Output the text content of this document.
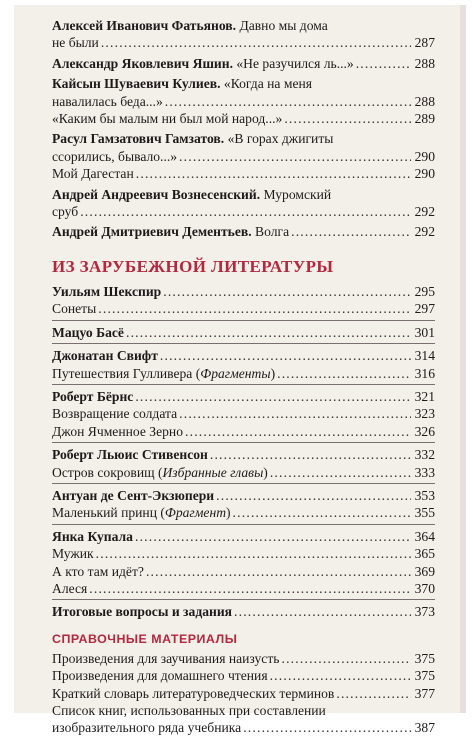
Алексей Иванович Фатьянов. Давно мы дома
не были .....	287
Александр Яковлевич Яшин. «Не разучился ль...» .....	288
Кайсын Шуваевич Кулиев. «Когда на меня
навалилась беда...» .....	288
«Каким бы малым ни был мой народ...» .....	289
Расул Гамзатович Гамзатов. «В горах джигиты
ссорились, бывало...» .....	290
Мой Дагестан .....	290
Андрей Андреевич Вознесенский. Муромский
сруб .....	292
Андрей Дмитриевич Дементьев. Волга .....	292
ИЗ ЗАРУБЕЖНОЙ ЛИТЕРАТУРЫ
Уильям Шекспир .....	295
Сонеты .....	297
Мацуо Басё .....	301
Джонатан Свифт .....	314
Путешествия Гулливера (Фрагменты) .....	316
Роберт Бёрнс .....	321
Возвращение солдата .....	323
Джон Ячменное Зерно .....	326
Роберт Льюис Стивенсон .....	332
Остров сокровищ (Избранные главы) .....	333
Антуан де Сент-Экзюпери .....	353
Маленький принц (Фрагмент) .....	355
Янка Купала .....	364
Мужик .....	365
А кто там идёт? .....	369
Алеся .....	370
Итоговые вопросы и задания .....	373
СПРАВОЧНЫЕ МАТЕРИАЛЫ
Произведения для заучивания наизусть .....	375
Произведения для домашнего чтения .....	375
Краткий словарь литературоведческих терминов .....	377
Список книг, использованных при составлении
изобразительного ряда учебника .....	387
